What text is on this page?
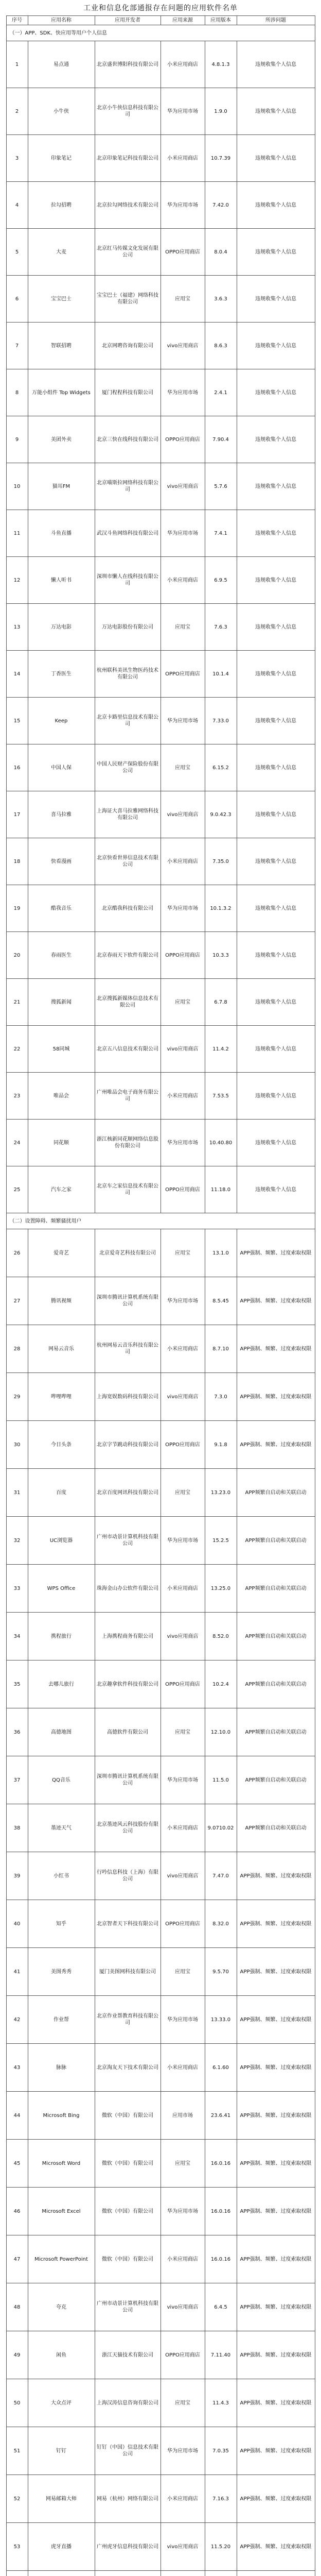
工业和信息化部通报存在问题的应用软件名单
序号	应用名称	应用开发者	应用来源	应用版本	所涉问题
（一）APP、SDK、快应用等用户个人信息					
1	易点通	北京盛世博阳科技有限公司	小米应用商店	4.8.1.3	违规收集个人信息
2	小牛侠	北京小牛侠信息科技有限公司	华为应用市场	1.9.0	违规收集个人信息
3	印象笔记	北京印象笔记科技有限公司	小米应用商店	10.7.39	违规收集个人信息
4	拉勾招聘	北京拉勾网络技术有限公司	华为应用市场	7.42.0	违规收集个人信息
5	大麦	北京红马传媒文化发展有限公司	OPPO应用商店	8.0.4	违规收集个人信息
6	宝宝巴士	宝宝巴士（福建）网络科技有限公司	应用宝	3.6.3	违规收集个人信息
7	智联招聘	北京网聘咨询有限公司	vivo应用商店	8.6.3	违规收集个人信息
8	万能小组件 Top Widgets	厦门程程科技有限公司	华为应用市场	2.4.1	违规收集个人信息
9	美团外卖	北京三快在线科技有限公司	OPPO应用商店	7.90.4	违规收集个人信息
10	猫耳FM	北京喵斯拉网络科技有限公司	vivo应用商店	5.7.6	违规收集个人信息
11	斗鱼直播	武汉斗鱼网络科技有限公司	华为应用市场	7.4.1	违规收集个人信息
12	懒人听书	深圳市懒人在线科技有限公司	小米应用商店	6.9.5	违规收集个人信息
13	万达电影	万达电影股份有限公司	应用宝	7.6.3	违规收集个人信息
14	丁香医生	杭州联科美讯生物医药技术有限公司	OPPO应用商店	10.1.4	违规收集个人信息
15	Keep	北京卡路里信息技术有限公司	华为应用市场	7.33.0	违规收集个人信息
16	中国人保	中国人民财产保险股份有限公司	应用宝	6.15.2	违规收集个人信息
17	喜马拉雅	上海证大喜马拉雅网络科技有限公司	vivo应用商店	9.0.42.3	违规收集个人信息
18	快看漫画	北京快看世界信息技术有限公司	小米应用商店	7.35.0	违规收集个人信息
19	酷我音乐	北京酷我科技有限公司	华为应用市场	10.1.3.2	违规收集个人信息
20	春雨医生	北京春雨天下软件有限公司	OPPO应用商店	10.3.3	违规收集个人信息
21	搜狐新闻	北京搜狐新媒体信息技术有限公司	应用宝	6.7.8	违规收集个人信息
22	58同城	北京五八信息技术有限公司	vivo应用商店	11.4.2	违规收集个人信息
23	唯品会	广州唯品会电子商务有限公司	小米应用商店	7.53.5	违规收集个人信息
24	同花顺	浙江核新同花顺网络信息股份有限公司	华为应用市场	10.40.80	违规收集个人信息
25	汽车之家	北京车之家信息技术有限公司	OPPO应用商店	11.18.0	违规收集个人信息
（二）设置障碍、频繁骚扰用户					
26	爱奇艺	北京爱奇艺科技有限公司	应用宝	13.1.0	APP强制、频繁、过度索取权限
27	腾讯视频	深圳市腾讯计算机系统有限公司	华为应用市场	8.5.45	APP强制、频繁、过度索取权限
28	网易云音乐	杭州网易云音乐科技有限公司	小米应用商店	8.7.10	APP强制、频繁、过度索取权限
29	哔哩哔哩	上海宽娱数码科技有限公司	vivo应用商店	7.3.0	APP强制、频繁、过度索取权限
30	今日头条	北京字节跳动科技有限公司	OPPO应用商店	9.1.8	APP强制、频繁、过度索取权限
31	百度	北京百度网讯科技有限公司	应用宝	13.23.0	APP频繁自启动和关联启动
32	UC浏览器	广州市动景计算机科技有限公司	华为应用市场	15.2.5	APP频繁自启动和关联启动
33	WPS Office	珠海金山办公软件有限公司	小米应用商店	13.25.0	APP频繁自启动和关联启动
34	携程旅行	上海携程商务有限公司	vivo应用商店	8.52.0	APP频繁自启动和关联启动
35	去哪儿旅行	北京趣拿软件科技有限公司	OPPO应用商店	10.2.4	APP频繁自启动和关联启动
36	高德地图	高德软件有限公司	应用宝	12.10.0	APP频繁自启动和关联启动
37	QQ音乐	深圳市腾讯计算机系统有限公司	华为应用市场	11.5.0	APP频繁自启动和关联启动
38	墨迹天气	北京墨迹风云科技股份有限公司	小米应用商店	9.0710.02	APP频繁自启动和关联启动
39	小红书	行吟信息科技（上海）有限公司	vivo应用商店	7.47.0	APP强制、频繁、过度索取权限
40	知乎	北京智者天下科技有限公司	OPPO应用商店	8.32.0	APP强制、频繁、过度索取权限
41	美图秀秀	厦门美图网科技有限公司	应用宝	9.5.70	APP强制、频繁、过度索取权限
42	作业帮	北京作业帮教育科技有限公司	华为应用市场	13.33.0	APP强制、频繁、过度索取权限
43	脉脉	北京淘友天下技术有限公司	小米应用商店	6.1.60	APP强制、频繁、过度索取权限
44	Microsoft Bing	微软（中国）有限公司	应用市场	23.6.41	APP强制、频繁、过度索取权限
45	Microsoft Word	微软（中国）有限公司	应用宝	16.0.16	APP强制、频繁、过度索取权限
46	Microsoft Excel	微软（中国）有限公司	华为应用市场	16.0.16	APP强制、频繁、过度索取权限
47	Microsoft PowerPoint	微软（中国）有限公司	小米应用商店	16.0.16	APP强制、频繁、过度索取权限
48	夸克	广州市动景计算机科技有限公司	vivo应用商店	6.4.5	APP强制、频繁、过度索取权限
49	闲鱼	浙江天猫技术有限公司	OPPO应用商店	7.11.40	APP强制、频繁、过度索取权限
50	大众点评	上海汉涛信息咨询有限公司	应用宝	11.4.3	APP强制、频繁、过度索取权限
51	钉钉	钉钉（中国）信息技术有限公司	华为应用市场	7.0.35	APP强制、频繁、过度索取权限
52	网易邮箱大师	网易（杭州）网络有限公司	小米应用商店	7.16.3	APP强制、频繁、过度索取权限
53	虎牙直播	广州虎牙信息科技有限公司	vivo应用商店	11.5.20	APP强制、频繁、过度索取权限
